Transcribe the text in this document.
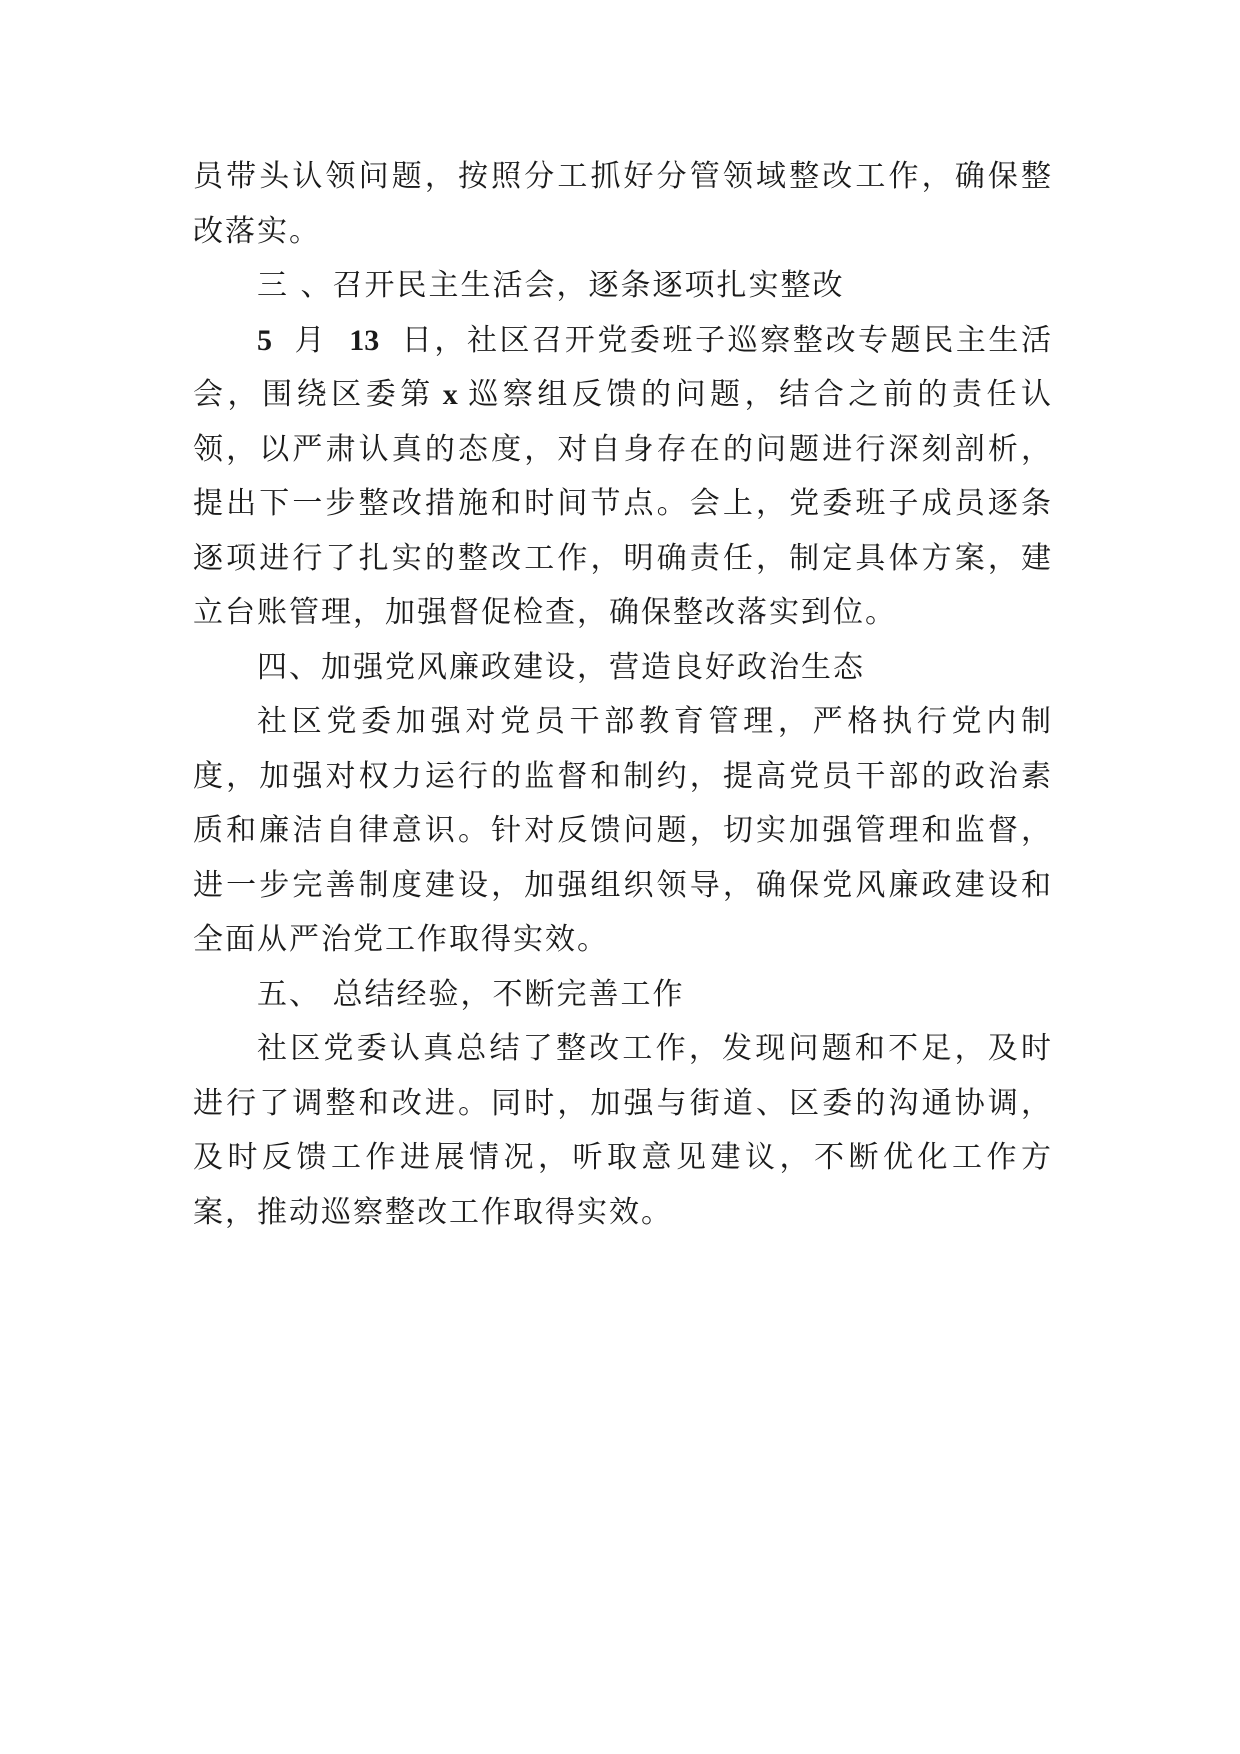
员带头认领问题，按照分工抓好分管领域整改工作，确保整改落实。

三 、召开民主生活会，逐条逐项扎实整改

5 月 13 日，社区召开党委班子巡察整改专题民主生活会，围绕区委第 x 巡察组反馈的问题，结合之前的责任认领，以严肃认真的态度，对自身存在的问题进行深刻剖析，提出下一步整改措施和时间节点。会上，党委班子成员逐条逐项进行了扎实的整改工作，明确责任，制定具体方案，建立台账管理，加强督促检查，确保整改落实到位。

四、加强党风廉政建设，营造良好政治生态

社区党委加强对党员干部教育管理，严格执行党内制度，加强对权力运行的监督和制约，提高党员干部的政治素质和廉洁自律意识。针对反馈问题，切实加强管理和监督，进一步完善制度建设，加强组织领导，确保党风廉政建设和全面从严治党工作取得实效。

五、 总结经验，不断完善工作

社区党委认真总结了整改工作，发现问题和不足，及时进行了调整和改进。同时，加强与街道、区委的沟通协调，及时反馈工作进展情况，听取意见建议，不断优化工作方案，推动巡察整改工作取得实效。
